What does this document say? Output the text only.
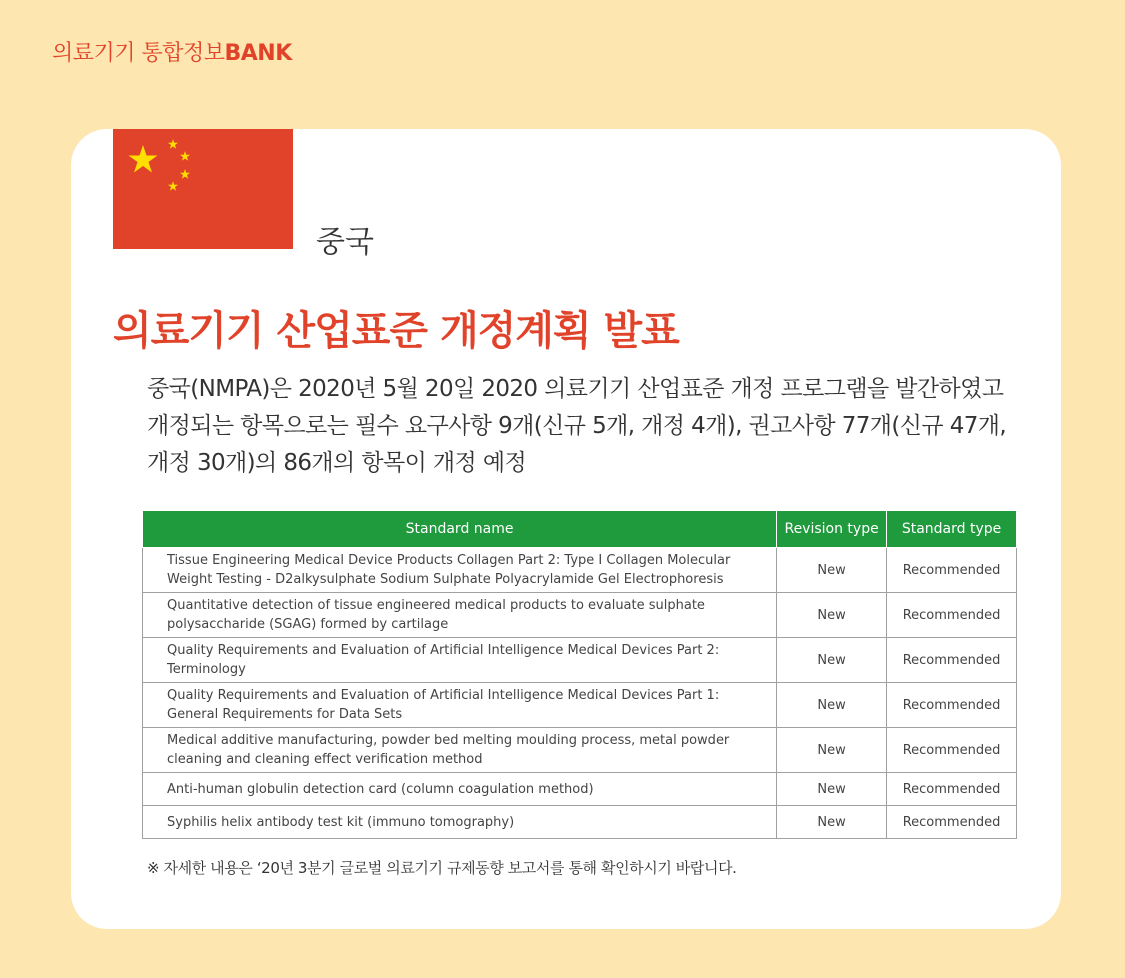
의료기기 통합정보BANK
중국
의료기기 산업표준 개정계획 발표

중국(NMPA)은 2020년 5월 20일 2020 의료기기 산업표준 개정 프로그램을 발간하였고

개정되는 항목으로는 필수 요구사항 9개(신규 5개, 개정 4개), 권고사항 77개(신규 47개,

개정 30개)의 86개의 항목이 개정 예정

Standard name	Revision type	Standard type
Tissue Engineering Medical Device Products Collagen Part 2: Type I Collagen Molecular Weight Testing - D2alkysulphate Sodium Sulphate Polyacrylamide Gel Electrophoresis	New	Recommended
Quantitative detection of tissue engineered medical products to evaluate sulphate polysaccharide (SGAG) formed by cartilage	New	Recommended
Quality Requirements and Evaluation of Artificial Intelligence Medical Devices Part 2: Terminology	New	Recommended
Quality Requirements and Evaluation of Artificial Intelligence Medical Devices Part 1: General Requirements for Data Sets	New	Recommended
Medical additive manufacturing, powder bed melting moulding process, metal powder cleaning and cleaning effect verification method	New	Recommended
Anti-human globulin detection card (column coagulation method)	New	Recommended
Syphilis helix antibody test kit (immuno tomography)	New	Recommended
※ 자세한 내용은 ‘20년 3분기 글로벌 의료기기 규제동향 보고서를 통해 확인하시기 바랍니다.
